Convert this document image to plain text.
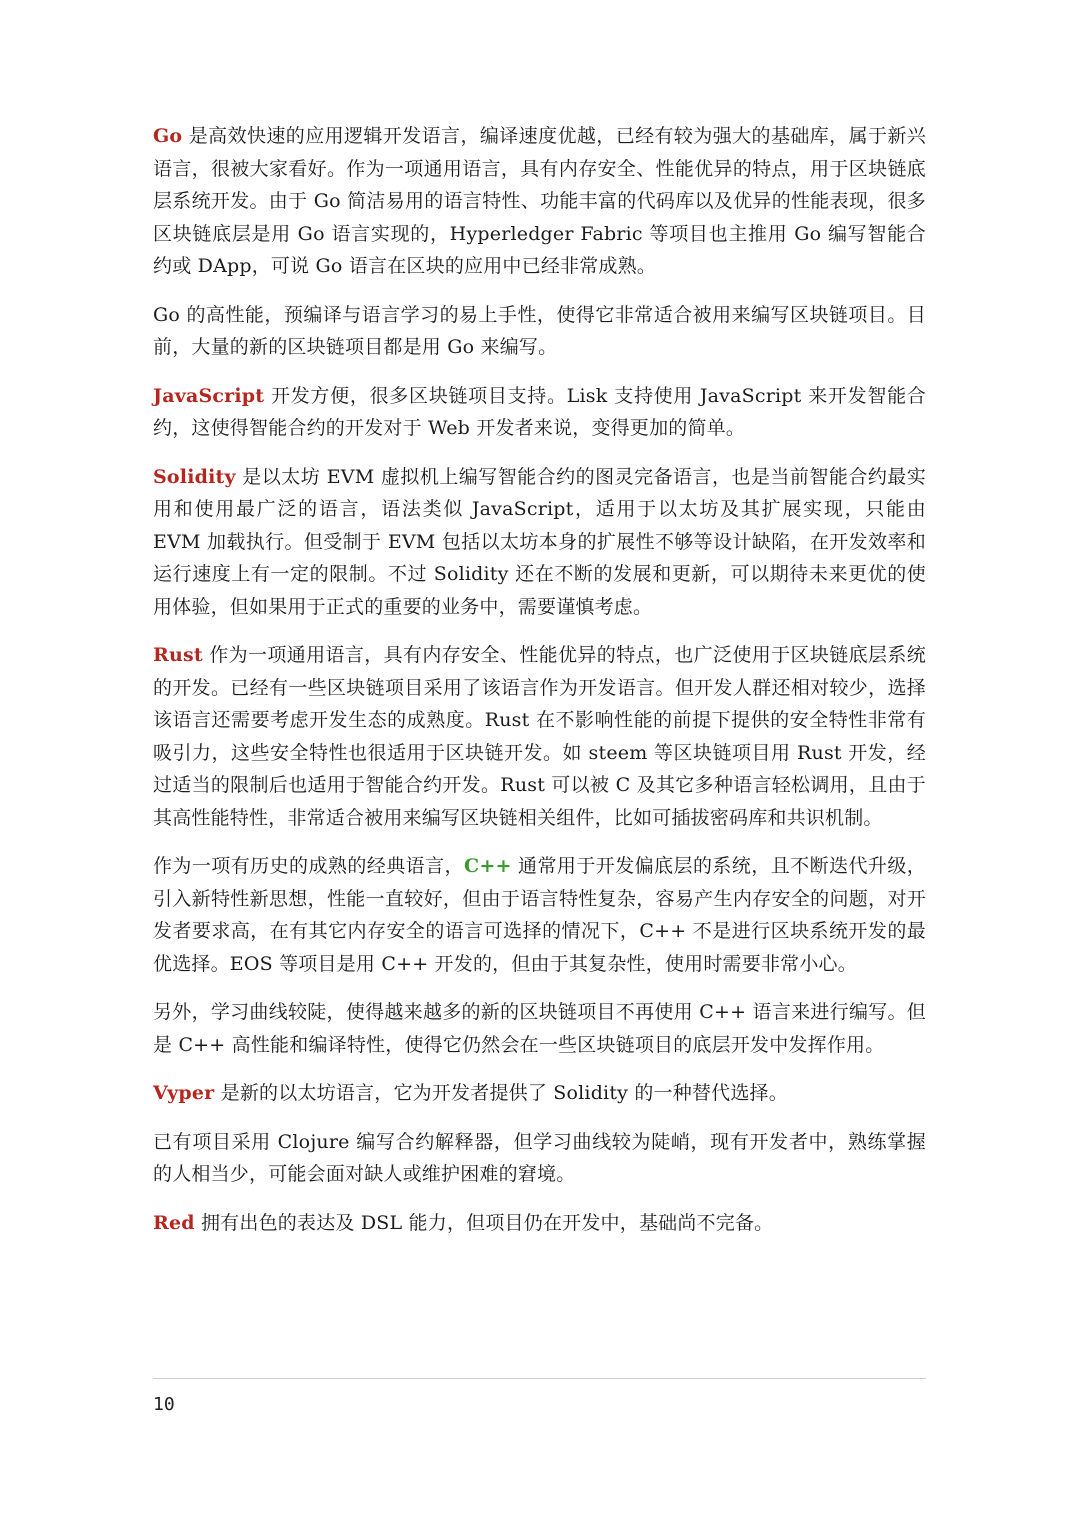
Go 是高效快速的应用逻辑开发语言，编译速度优越，已经有较为强大的基础库，属于新兴语言，很被大家看好。作为一项通用语言，具有内存安全、性能优异的特点，用于区块链底层系统开发。由于 Go 简洁易用的语言特性、功能丰富的代码库以及优异的性能表现，很多区块链底层是用 Go 语言实现的，Hyperledger Fabric 等项目也主推用 Go 编写智能合约或 DApp，可说 Go 语言在区块的应用中已经非常成熟。

Go 的高性能，预编译与语言学习的易上手性，使得它非常适合被用来编写区块链项目。目前，大量的新的区块链项目都是用 Go 来编写。

JavaScript 开发方便，很多区块链项目支持。Lisk 支持使用 JavaScript 来开发智能合约，这使得智能合约的开发对于 Web 开发者来说，变得更加的简单。

Solidity 是以太坊 EVM 虚拟机上编写智能合约的图灵完备语言，也是当前智能合约最实用和使用最广泛的语言，语法类似 JavaScript，适用于以太坊及其扩展实现，只能由 EVM 加载执行。但受制于 EVM 包括以太坊本身的扩展性不够等设计缺陷，在开发效率和运行速度上有一定的限制。不过 Solidity 还在不断的发展和更新，可以期待未来更优的使用体验，但如果用于正式的重要的业务中，需要谨慎考虑。

Rust 作为一项通用语言，具有内存安全、性能优异的特点，也广泛使用于区块链底层系统的开发。已经有一些区块链项目采用了该语言作为开发语言。但开发人群还相对较少，选择该语言还需要考虑开发生态的成熟度。Rust 在不影响性能的前提下提供的安全特性非常有吸引力，这些安全特性也很适用于区块链开发。如 steem 等区块链项目用 Rust 开发，经过适当的限制后也适用于智能合约开发。Rust 可以被 C 及其它多种语言轻松调用，且由于其高性能特性，非常适合被用来编写区块链相关组件，比如可插拔密码库和共识机制。

作为一项有历史的成熟的经典语言，C++ 通常用于开发偏底层的系统，且不断迭代升级，引入新特性新思想，性能一直较好，但由于语言特性复杂，容易产生内存安全的问题，对开发者要求高，在有其它内存安全的语言可选择的情况下，C++ 不是进行区块系统开发的最优选择。EOS 等项目是用 C++ 开发的，但由于其复杂性，使用时需要非常小心。

另外，学习曲线较陡，使得越来越多的新的区块链项目不再使用 C++ 语言来进行编写。但是 C++ 高性能和编译特性，使得它仍然会在一些区块链项目的底层开发中发挥作用。

Vyper 是新的以太坊语言，它为开发者提供了 Solidity 的一种替代选择。

已有项目采用 Clojure 编写合约解释器，但学习曲线较为陡峭，现有开发者中，熟练掌握的人相当少，可能会面对缺人或维护困难的窘境。

Red 拥有出色的表达及 DSL 能力，但项目仍在开发中，基础尚不完备。

10
